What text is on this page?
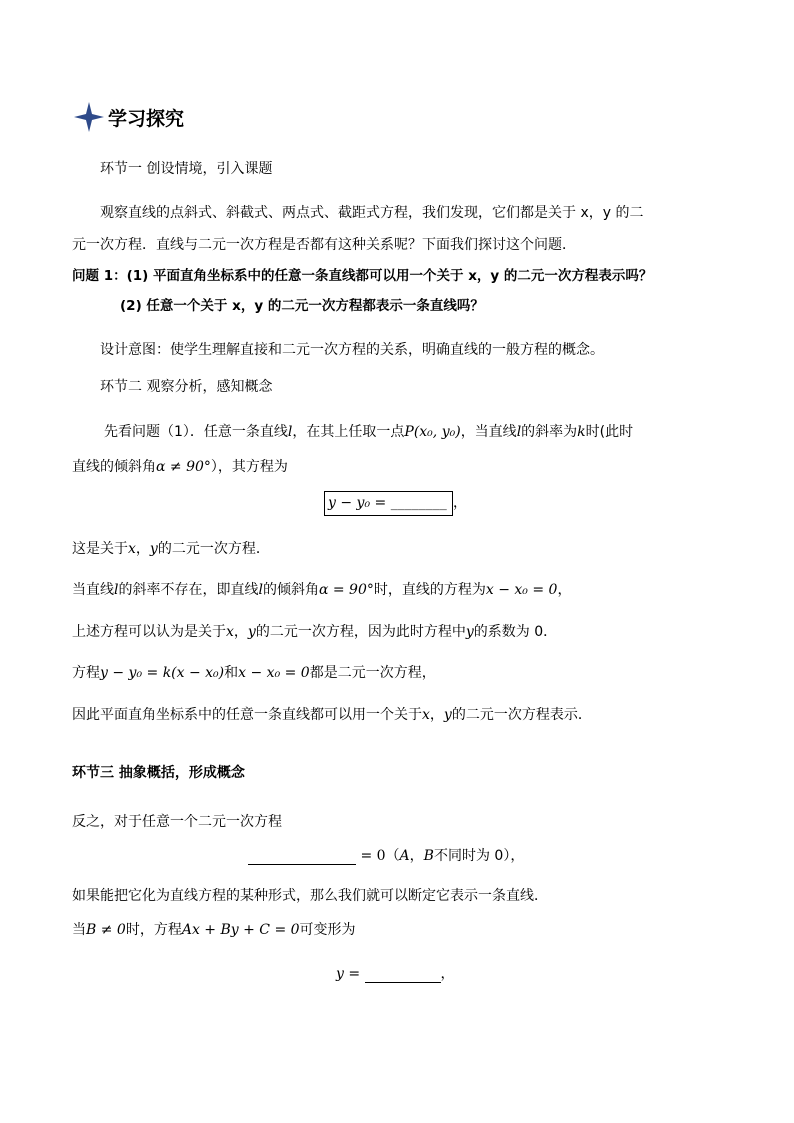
学习探究
环节一 创设情境，引入课题
观察直线的点斜式、斜截式、两点式、截距式方程，我们发现，它们都是关于 x，y 的二
元一次方程．直线与二元一次方程是否都有这种关系呢？下面我们探讨这个问题．
问题 1：(1) 平面直角坐标系中的任意一条直线都可以用一个关于 x，y 的二元一次方程表示吗？
(2) 任意一个关于 x，y 的二元一次方程都表示一条直线吗？
设计意图：使学生理解直接和二元一次方程的关系，明确直线的一般方程的概念。
环节二 观察分析，感知概念
先看问题（1）．任意一条直线l，在其上任取一点P(x₀, y₀)，当直线l的斜率为k时(此时
直线的倾斜角α ≠ 90°），其方程为
y − y₀ = ________ ，
这是关于x，y的二元一次方程．
当直线l的斜率不存在，即直线l的倾斜角α = 90°时，直线的方程为x − x₀ = 0，
上述方程可以认为是关于x，y的二元一次方程，因为此时方程中y的系数为 0．
方程y − y₀ = k(x − x₀)和x − x₀ = 0都是二元一次方程，
因此平面直角坐标系中的任意一条直线都可以用一个关于x，y的二元一次方程表示．
环节三 抽象概括，形成概念
反之，对于任意一个二元一次方程
= 0（A，B不同时为 0），
如果能把它化为直线方程的某种形式，那么我们就可以断定它表示一条直线．
当B ≠ 0时，方程Ax + By + C = 0可变形为
y =	，
